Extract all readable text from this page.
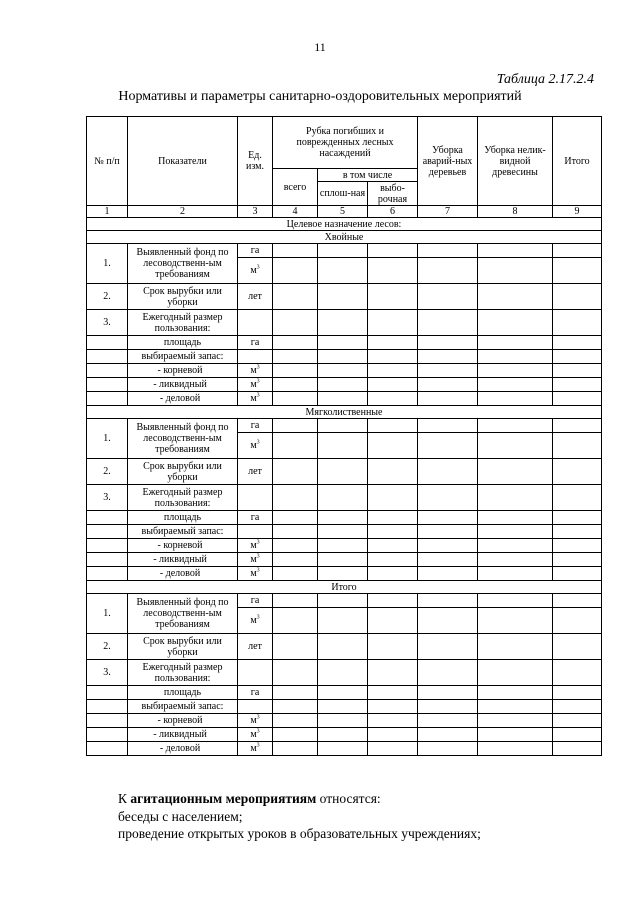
11
Таблица 2.17.2.4
Нормативы и параметры санитарно-оздоровительных мероприятий
№ п/п	Показатели	Ед. изм.	Рубка погибших и поврежденных лесных насаждений			Уборка аварий-ных деревьев	Уборка нелик-видной древесины	Итого
			всего	в том числе				
				сплош-ная	выбо-рочная			
1	2	3	4	5	6	7	8	9
Целевое назначение лесов:								
Хвойные								
1.	Выявленный фонд по лесоводственн-ым требованиям	га						
		$м^3$						
2.	Срок вырубки или уборки	лет						
3.	Ежегодный размер пользования:							
	площадь	га						
	выбираемый запас:							
	- корневой	$м^3$						
	- ликвидный	$м^3$						
	- деловой	$м^3$						
Мягколиственные								
1.	Выявленный фонд по лесоводственн-ым требованиям	га						
		$м^3$						
2.	Срок вырубки или уборки	лет						
3.	Ежегодный размер пользования:							
	площадь	га						
	выбираемый запас:							
	- корневой	$м^3$						
	- ликвидный	$м^3$						
	- деловой	$м^3$						
Итого								
1.	Выявленный фонд по лесоводственн-ым требованиям	га						
		$м^3$						
2.	Срок вырубки или уборки	лет						
3.	Ежегодный размер пользования:							
	площадь	га						
	выбираемый запас:							
	- корневой	$м^3$						
	- ликвидный	$м^3$						
	- деловой	$м^3$						
К агитационным мероприятиям относятся:
беседы с населением;
проведение открытых уроков в образовательных учреждениях;
